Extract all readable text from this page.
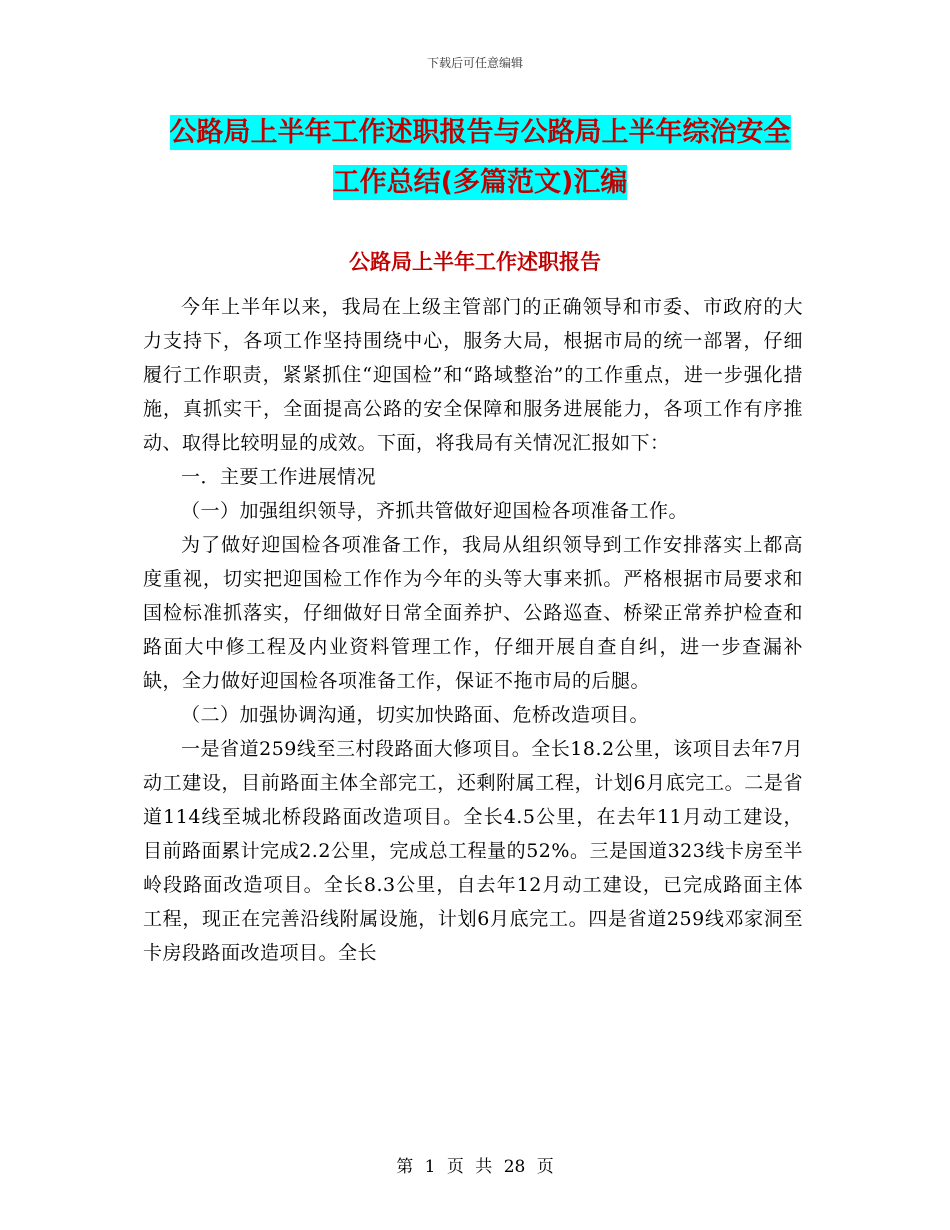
下载后可任意编辑
公路局上半年工作述职报告与公路局上半年综治安全
工作总结(多篇范文)汇编
公路局上半年工作述职报告

今年上半年以来，我局在上级主管部门的正确领导和市委、市政府的大力支持下，各项工作坚持围绕中心，服务大局，根据市局的统一部署，仔细履行工作职责，紧紧抓住“迎国检”和“路域整治”的工作重点，进一步强化措施，真抓实干，全面提高公路的安全保障和服务进展能力，各项工作有序推动、取得比较明显的成效。下面，将我局有关情况汇报如下：

一．主要工作进展情况

（一）加强组织领导，齐抓共管做好迎国检各项准备工作。

为了做好迎国检各项准备工作，我局从组织领导到工作安排落实上都高度重视，切实把迎国检工作作为今年的头等大事来抓。严格根据市局要求和国检标准抓落实，仔细做好日常全面养护、公路巡查、桥梁正常养护检查和路面大中修工程及内业资料管理工作，仔细开展自查自纠，进一步查漏补缺，全力做好迎国检各项准备工作，保证不拖市局的后腿。

（二）加强协调沟通，切实加快路面、危桥改造项目。

一是省道259线至三村段路面大修项目。全长18.2公里，该项目去年7月动工建设，目前路面主体全部完工，还剩附属工程，计划6月底完工。二是省道114线至城北桥段路面改造项目。全长4.5公里，在去年11月动工建设，目前路面累计完成2.2公里，完成总工程量的52%。三是国道323线卡房至半岭段路面改造项目。全长8.3公里，自去年12月动工建设，已完成路面主体工程，现正在完善沿线附属设施，计划6月底完工。四是省道259线邓家洞至卡房段路面改造项目。全长

第 1 页 共 28 页
